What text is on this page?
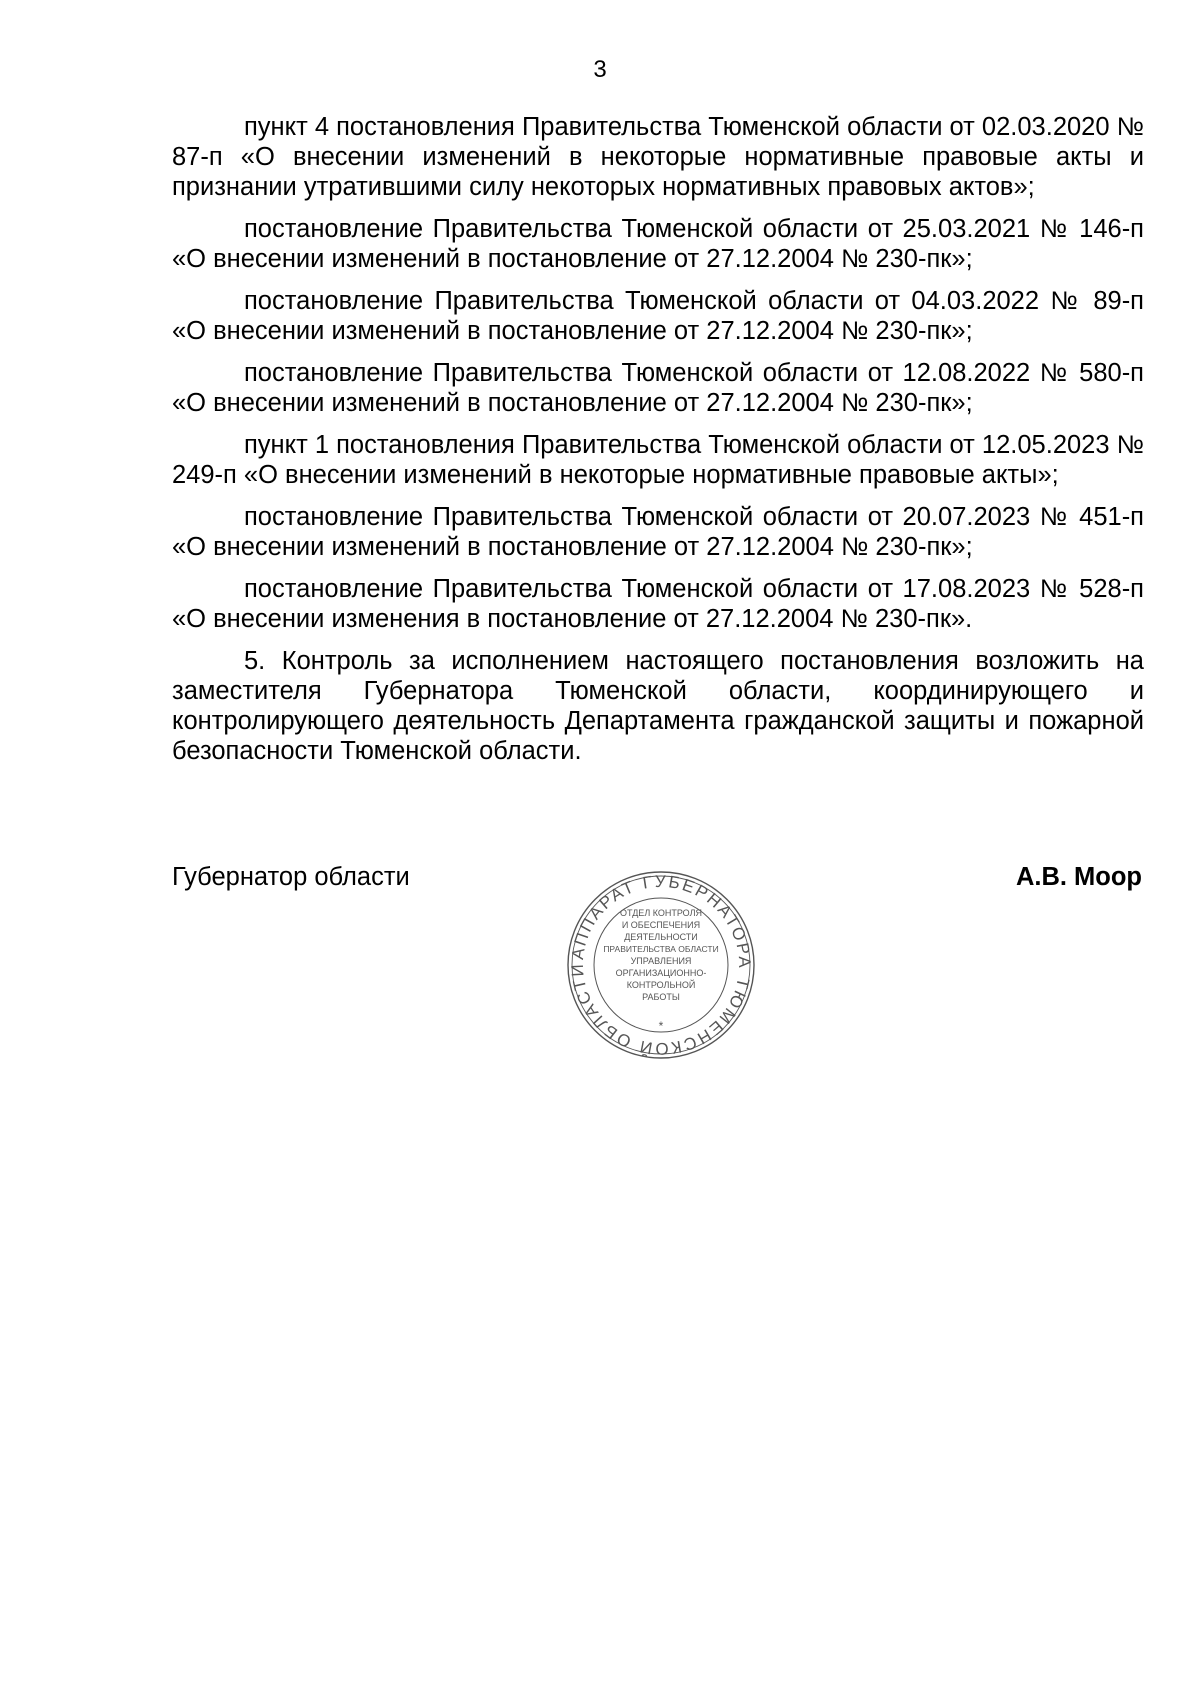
3

пункт 4 постановления Правительства Тюменской области от 02.03.2020 № 87-п «О внесении изменений в некоторые нормативные правовые акты и признании утратившими силу некоторых нормативных правовых актов»;

постановление Правительства Тюменской области от 25.03.2021 № 146-п «О внесении изменений в постановление от 27.12.2004 № 230-пк»;

постановление Правительства Тюменской области от 04.03.2022 № 89-п «О внесении изменений в постановление от 27.12.2004 № 230-пк»;

постановление Правительства Тюменской области от 12.08.2022 № 580-п «О внесении изменений в постановление от 27.12.2004 № 230-пк»;

пункт 1 постановления Правительства Тюменской области от 12.05.2023 № 249-п «О внесении изменений в некоторые нормативные правовые акты»;

постановление Правительства Тюменской области от 20.07.2023 № 451-п «О внесении изменений в постановление от 27.12.2004 № 230-пк»;

постановление Правительства Тюменской области от 17.08.2023 № 528-п «О внесении изменения в постановление от 27.12.2004 № 230-пк».

5. Контроль за исполнением настоящего постановления возложить на заместителя Губернатора Тюменской области, координирующего и контролирующего деятельность Департамента гражданской защиты и пожарной безопасности Тюменской области.

Губернатор области	А.В. Моор
АППАРАТ ГУБЕРНАТОРА ТЮМЕНСКОЙ ОБЛАСТИ
*
ОТДЕЛ КОНТРОЛЯ
И ОБЕСПЕЧЕНИЯ
ДЕЯТЕЛЬНОСТИ
ПРАВИТЕЛЬСТВА ОБЛАСТИ
УПРАВЛЕНИЯ
ОРГАНИЗАЦИОННО-
КОНТРОЛЬНОЙ
РАБОТЫ
